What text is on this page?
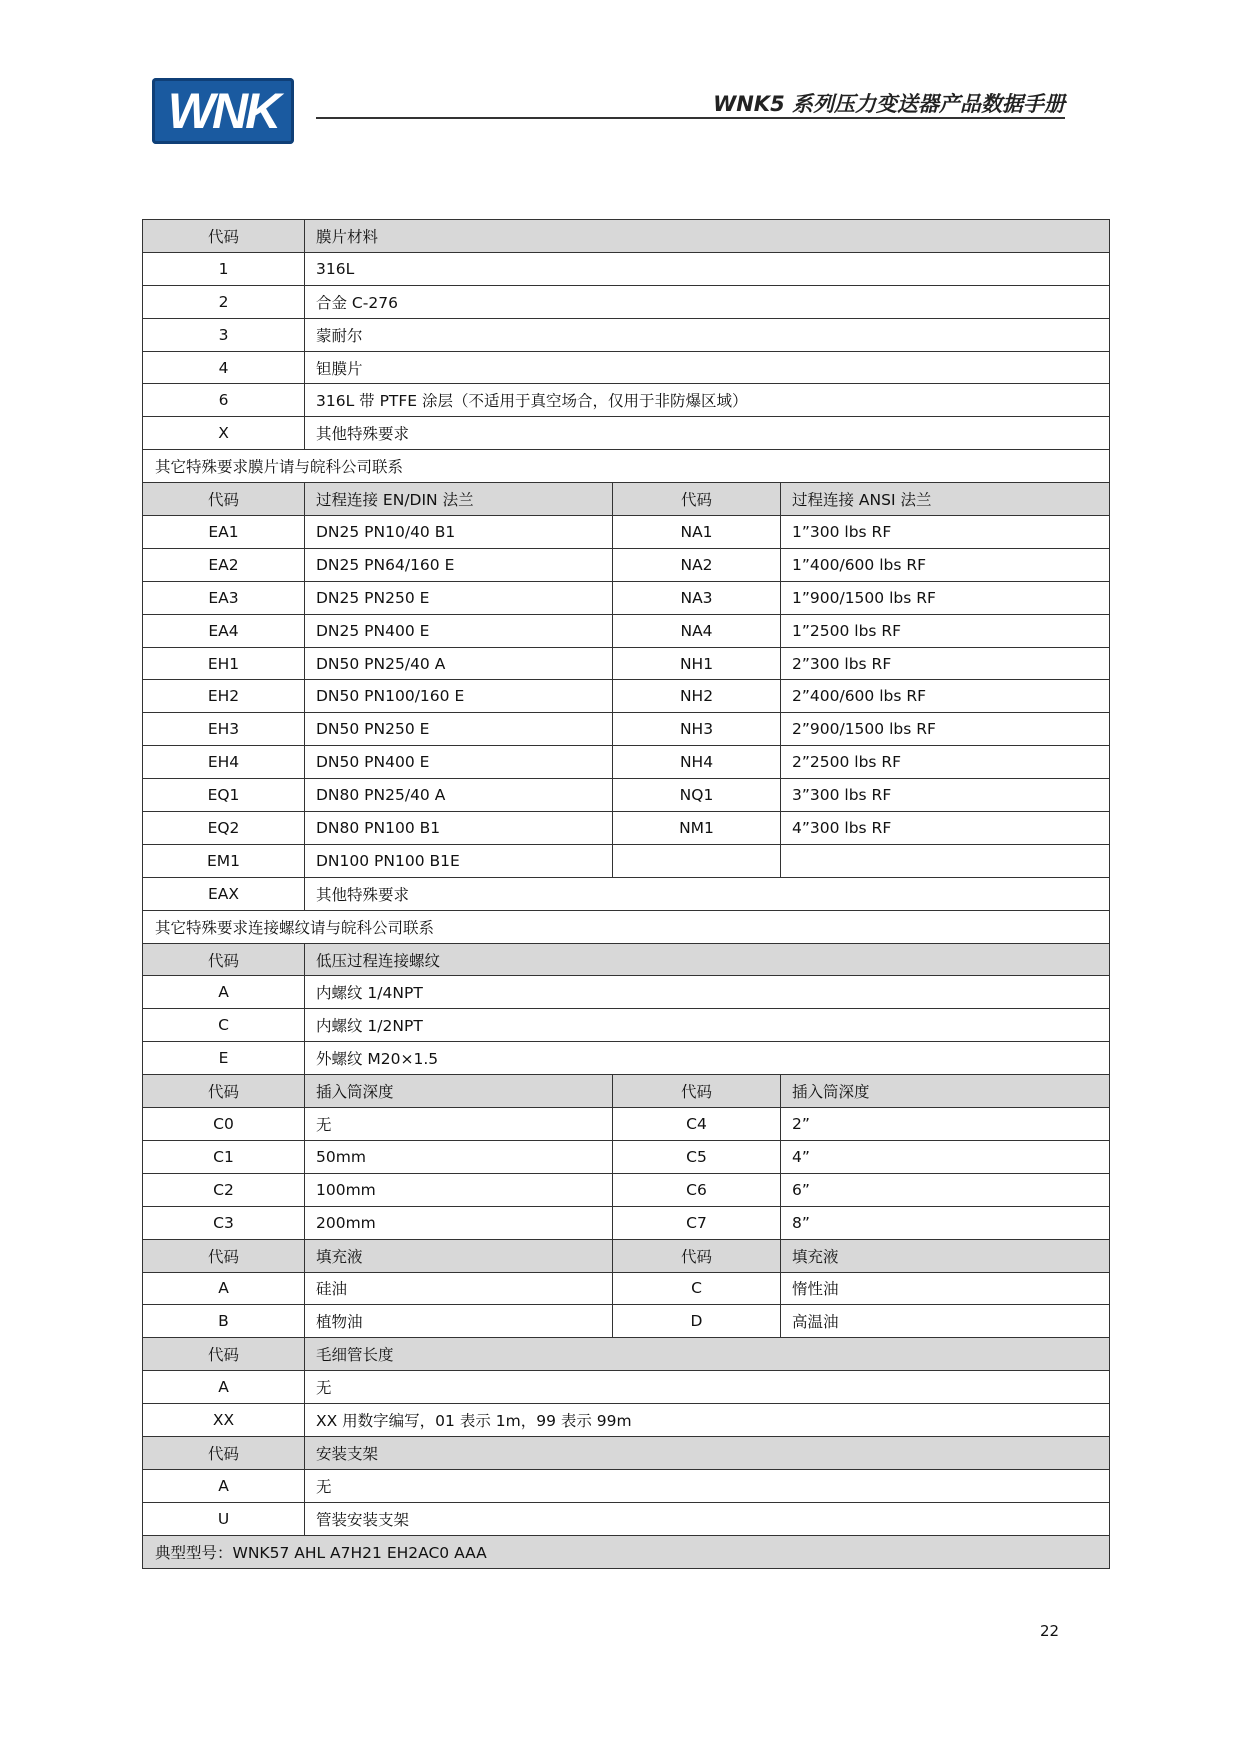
WNK	WNK5 系列压力变送器产品数据手册
代码	膜片材料		
1	316L		
2	合金 C-276		
3	蒙耐尔		
4	钽膜片		
6	316L 带 PTFE 涂层（不适用于真空场合，仅用于非防爆区域）		
X	其他特殊要求		
其它特殊要求膜片请与皖科公司联系			
代码	过程连接 EN/DIN 法兰	代码	过程连接 ANSI 法兰
EA1	DN25 PN10/40 B1	NA1	1”300 lbs RF
EA2	DN25 PN64/160 E	NA2	1”400/600 lbs RF
EA3	DN25 PN250 E	NA3	1”900/1500 lbs RF
EA4	DN25 PN400 E	NA4	1”2500 lbs RF
EH1	DN50 PN25/40 A	NH1	2”300 lbs RF
EH2	DN50 PN100/160 E	NH2	2”400/600 lbs RF
EH3	DN50 PN250 E	NH3	2”900/1500 lbs RF
EH4	DN50 PN400 E	NH4	2”2500 lbs RF
EQ1	DN80 PN25/40 A	NQ1	3”300 lbs RF
EQ2	DN80 PN100 B1	NM1	4”300 lbs RF
EM1	DN100 PN100 B1E		
EAX	其他特殊要求		
其它特殊要求连接螺纹请与皖科公司联系			
代码	低压过程连接螺纹		
A	内螺纹 1/4NPT		
C	内螺纹 1/2NPT		
E	外螺纹 M20×1.5		
代码	插入筒深度	代码	插入筒深度
C0	无	C4	2”
C1	50mm	C5	4”
C2	100mm	C6	6”
C3	200mm	C7	8”
代码	填充液	代码	填充液
A	硅油	C	惰性油
B	植物油	D	高温油
代码	毛细管长度		
A	无		
XX	XX 用数字编写，01 表示 1m，99 表示 99m		
代码	安装支架		
A	无		
U	管装安装支架		
典型型号：WNK57 AHL A7H21 EH2AC0 AAA			
22
